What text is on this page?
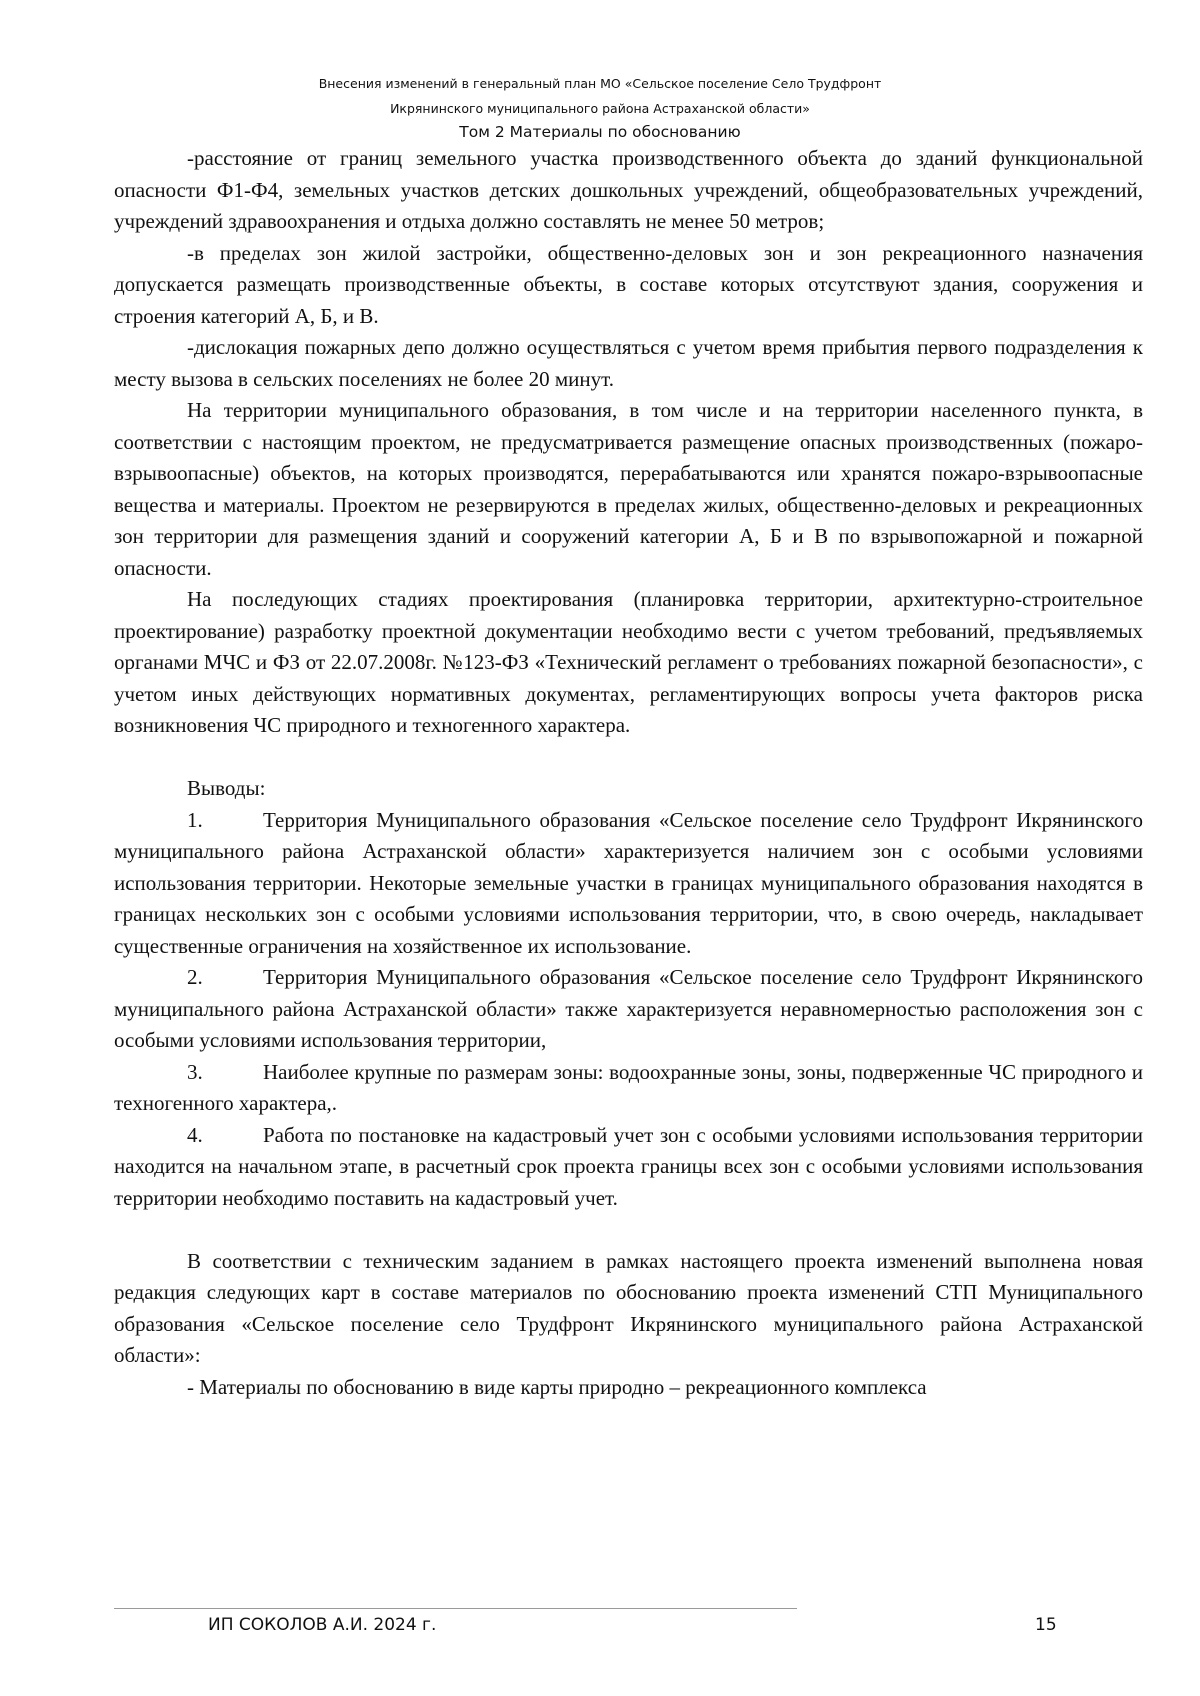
Внесения изменений в генеральный план МО «Сельское поселение Село Трудфронт
Икрянинского муниципального района Астраханской области»
Том 2 Материалы по обоснованию

-расстояние от границ земельного участка производственного объекта до зданий функциональной опасности Ф1-Ф4, земельных участков детских дошкольных учреждений, общеобразовательных учреждений, учреждений здравоохранения и отдыха должно составлять не менее 50 метров;

-в пределах зон жилой застройки, общественно-деловых зон и зон рекреационного назначения допускается размещать производственные объекты, в составе которых отсутствуют здания, сооружения и строения категорий А, Б, и В.

-дислокация пожарных депо должно осуществляться с учетом время прибытия первого подразделения к месту вызова в сельских поселениях не более 20 минут.

На территории муниципального образования, в том числе и на территории населенного пункта, в соответствии с настоящим проектом, не предусматривается размещение опасных производственных (пожаро-взрывоопасные) объектов, на которых производятся, перерабатываются или хранятся пожаро-взрывоопасные вещества и материалы. Проектом не резервируются в пределах жилых, общественно-деловых и рекреационных зон территории для размещения зданий и сооружений категории А, Б и В по взрывопожарной и пожарной опасности.

На последующих стадиях проектирования (планировка территории, архитектурно-строительное проектирование) разработку проектной документации необходимо вести с учетом требований, предъявляемых органами МЧС и ФЗ от 22.07.2008г. №123-ФЗ «Технический регламент о требованиях пожарной безопасности», с учетом иных действующих нормативных документах, регламентирующих вопросы учета факторов риска возникновения ЧС природного и техногенного характера.

Выводы:

1.	Территория Муниципального образования «Сельское поселение село Трудфронт Икрянинского муниципального района Астраханской области» характеризуется наличием зон с особыми условиями использования территории. Некоторые земельные участки в границах муниципального образования находятся в границах нескольких зон с особыми условиями использования территории, что, в свою очередь, накладывает существенные ограничения на хозяйственное их использование.

2.	Территория Муниципального образования «Сельское поселение село Трудфронт Икрянинского муниципального района Астраханской области» также характеризуется неравномерностью расположения зон с особыми условиями использования территории,

3.	Наиболее крупные по размерам зоны: водоохранные зоны, зоны, подверженные ЧС природного и техногенного характера,.

4.	Работа по постановке на кадастровый учет зон с особыми условиями использования территории находится на начальном этапе, в расчетный срок проекта границы всех зон с особыми условиями использования территории необходимо поставить на кадастровый учет.

В соответствии с техническим заданием в рамках настоящего проекта изменений выполнена новая редакция следующих карт в составе материалов по обоснованию проекта изменений СТП Муниципального образования «Сельское поселение село Трудфронт Икрянинского муниципального района Астраханской области»:

- Материалы по обоснованию в виде карты природно – рекреационного комплекса

ИП СОКОЛОВ А.И. 2024 г.	15
